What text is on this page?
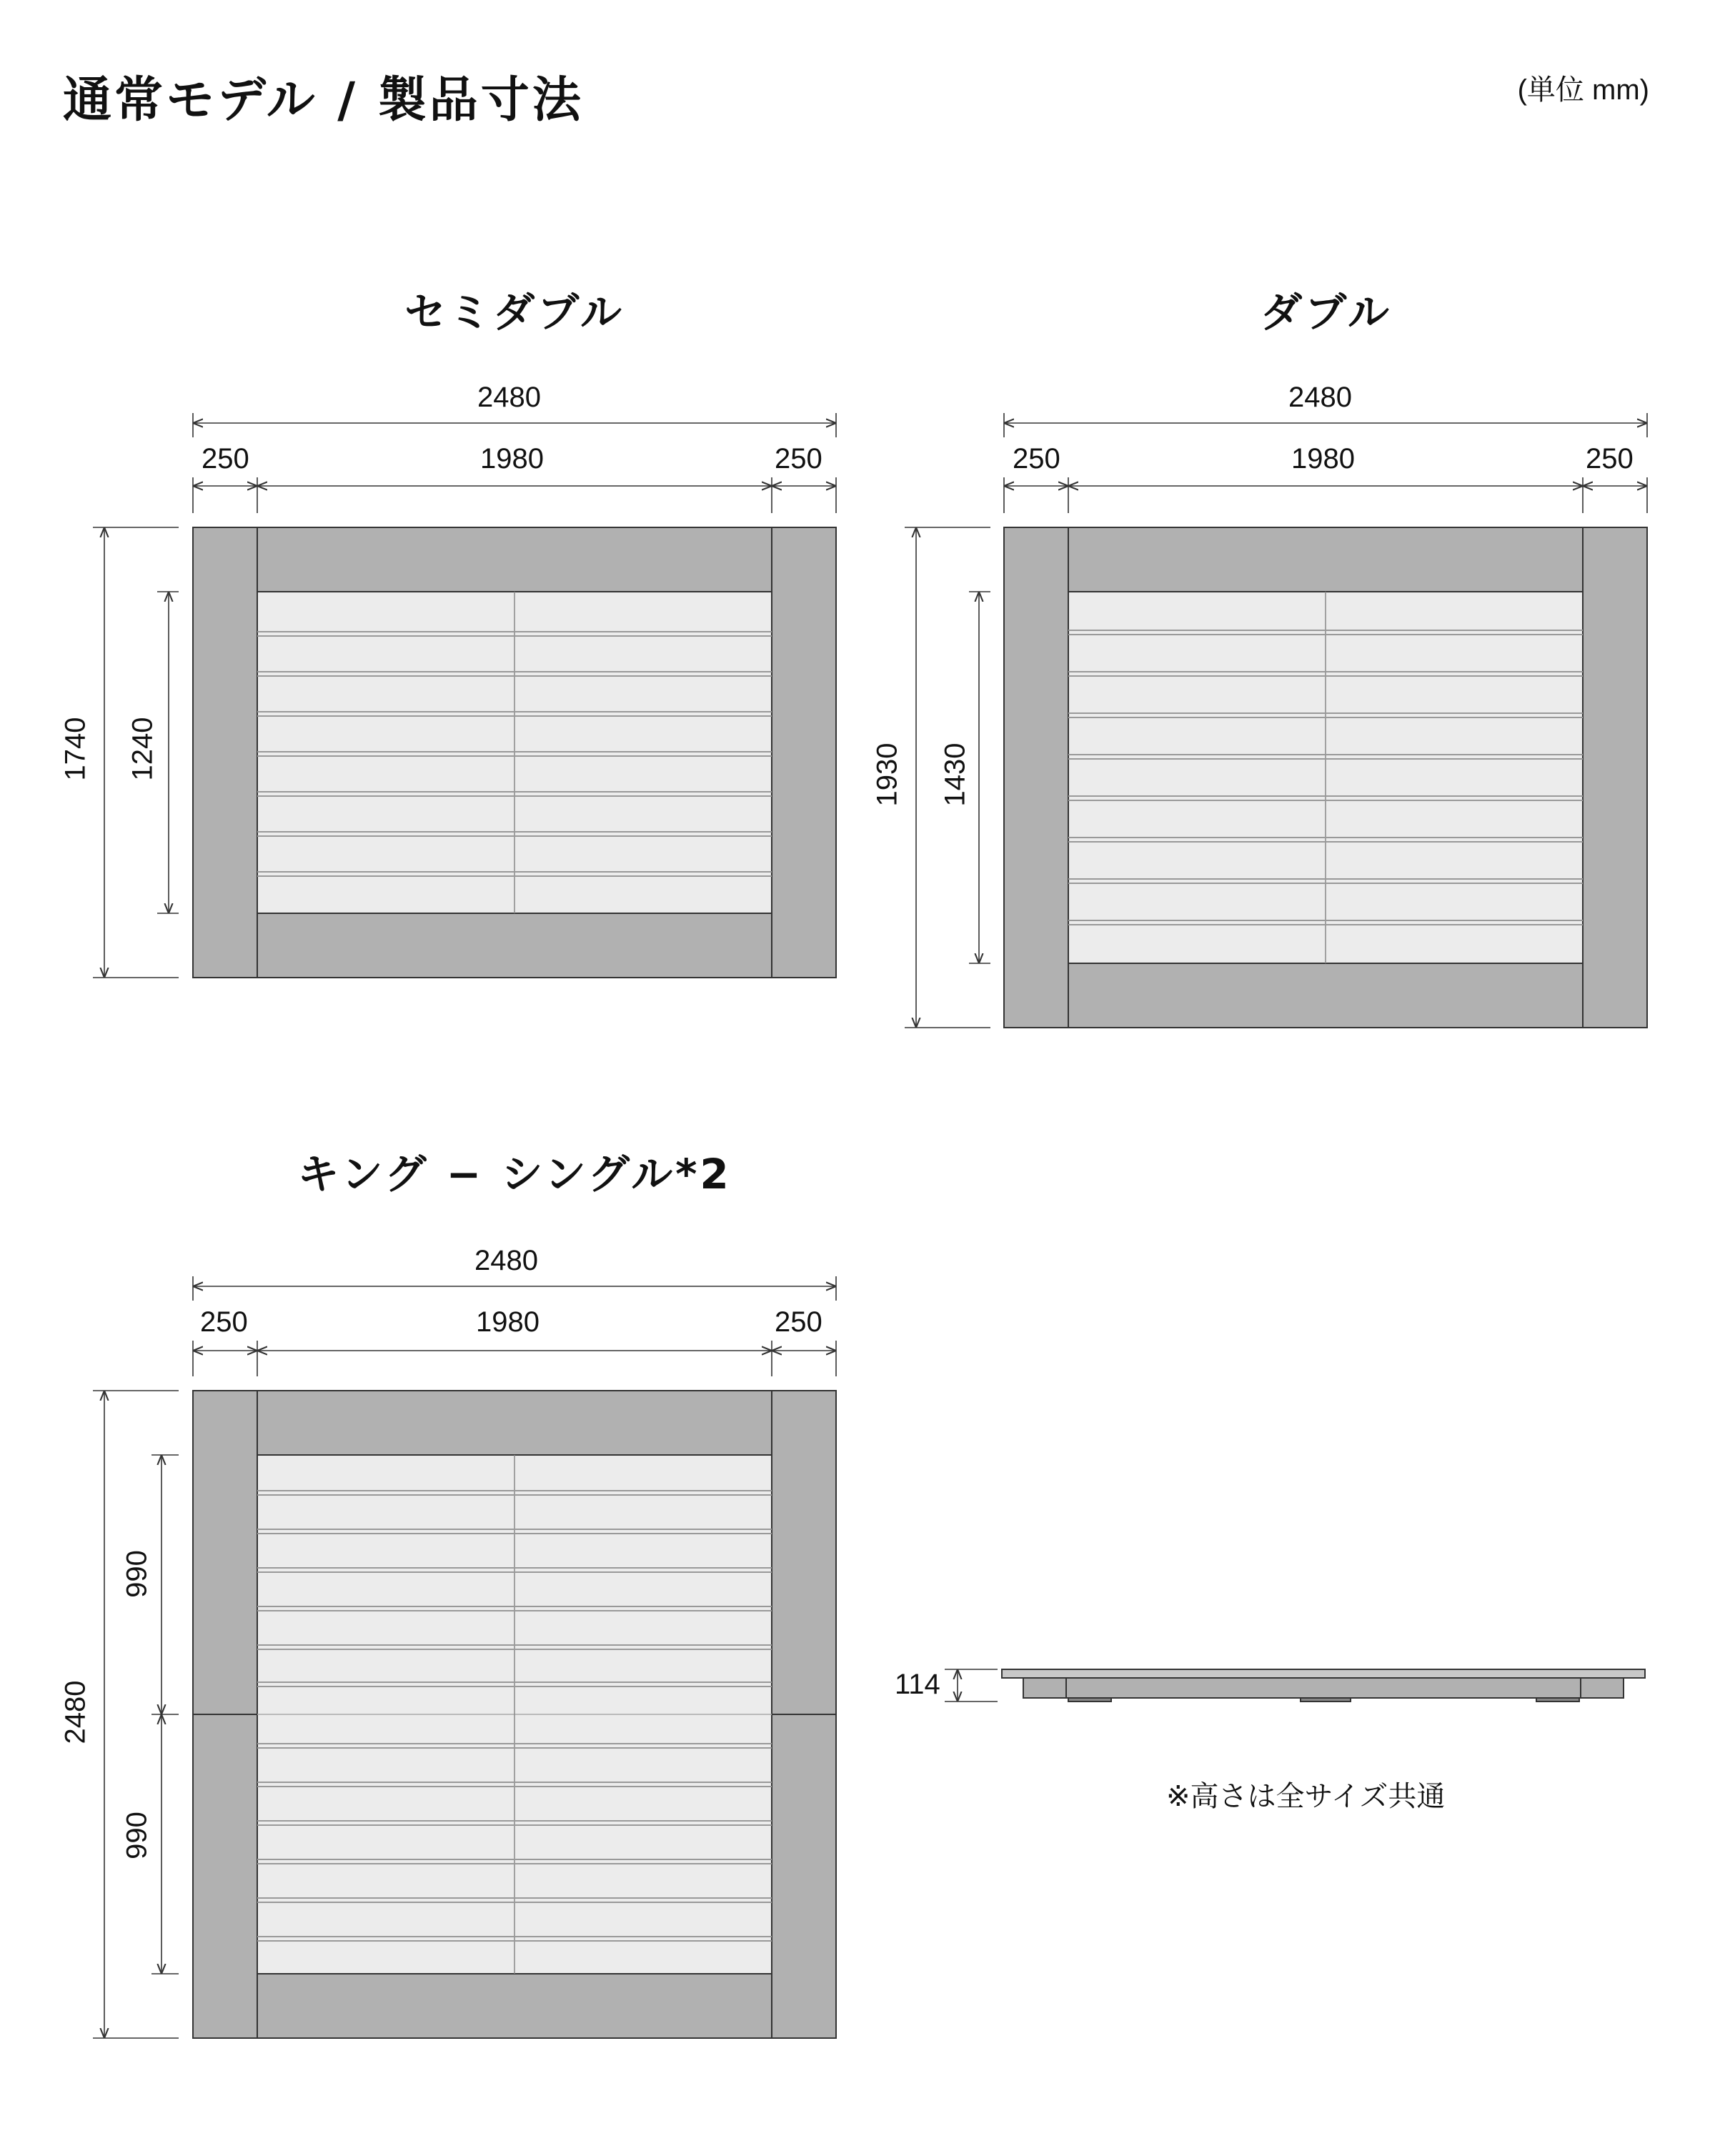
通常モデル / 製品寸法	(単位 mm)
セミダブル	ダブル
キング − シングル*2
2480
250	1980	250
1740 1240
2480
250	1980	250
1930 1430
2480
250	1980	250
2480
990
990
114
※高さは全サイズ共通
